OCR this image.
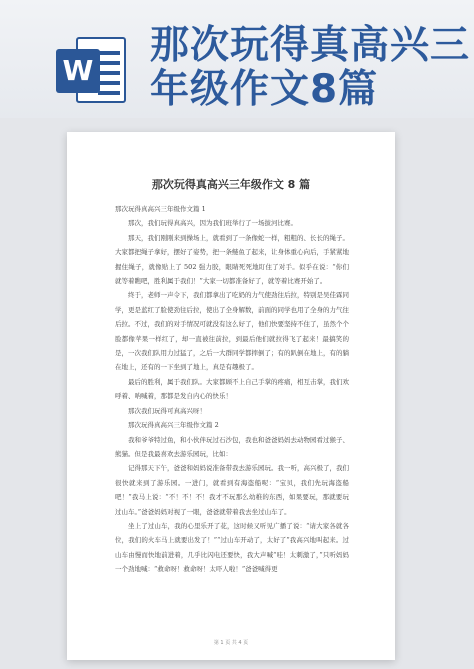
W
那次玩得真高兴三
年级作文8篇
那次玩得真高兴三年级作文 8 篇

那次玩得真高兴三年级作文篇 1

那次，我们玩得真高兴，因为我们班举行了一场拔河比赛。

那天，我们刚刚来到操场上，就看到了一条像蛇一样，粗粗的、长长的绳子。大家都把绳子拿好，摆好了姿势，把一条鲢鱼了起来，让身体重心向后，手紧紧地握住绳子，就像贴上了 502 强力胶，眼睛死死地盯住了对手。似乎在说：“你们就等着瞧吧，胜利属于我们！”大家一切都准备好了，就等着比赛开始了。

终于，老师一声令下，我们都拿出了吃奶的力气使劲往后拉，特别是吴佳霖同学，更是蓝红了脸使劲往后拉，使出了全身解数，前面的同学也用了全身的力气往后拉。不过，我们的对手情况可就没有这么好了，他们快要坚持不住了，虽然个个脸都像苹果一样红了，却一直被往前拉，到最后他们就拉得飞了起来！最搞笑的是，一次我们队用力过猛了，之后一大群同学都摔倒了；有的趴倒在地上，有的躺在地上，还有的一下坐到了地上，真是有趣极了。

最后的胜利，属于我们队。大家都顾不上自己手掌的疼痛，相互击掌，我们欢呼着、呐喊着，那都是发自内心的快乐！

那次我们玩得可真高兴呀！

那次玩得真高兴三年级作文篇 2

我和爷爷特过鱼，和小伙伴玩过石沙包，我也和爸爸妈妈去动物园看过猴子、熊猫。但是我最喜欢去游乐园玩，比如：

记得那天下午，爸爸和妈妈说准备带我去游乐园玩。我一听，高兴极了，我们很快就来到了游乐园。一进门，就看到有海盗船呢：“宝贝，我们先玩海盗船吧！”我马上说：“不！不！不！我才不玩那么幼稚的东西，如果要玩，那就要玩过山车。”爸爸妈妈对视了一眼，爸爸就带着我去坐过山车了。

坐上了过山车，我的心里乐开了花，这时候又听见广播了说：“请大家各就各位，我们的火车马上就要出发了！”“过山车开动了，太好了”我高兴地叫起来。过山车由慢而快地前进着，几乎比闪电还要快，我大声喊“哇！太刺激了，”只听妈妈一个劲地喊：“救命呀！救命呀！太吓人啦！”爸爸喊得更

第 1 页 共 4 页
